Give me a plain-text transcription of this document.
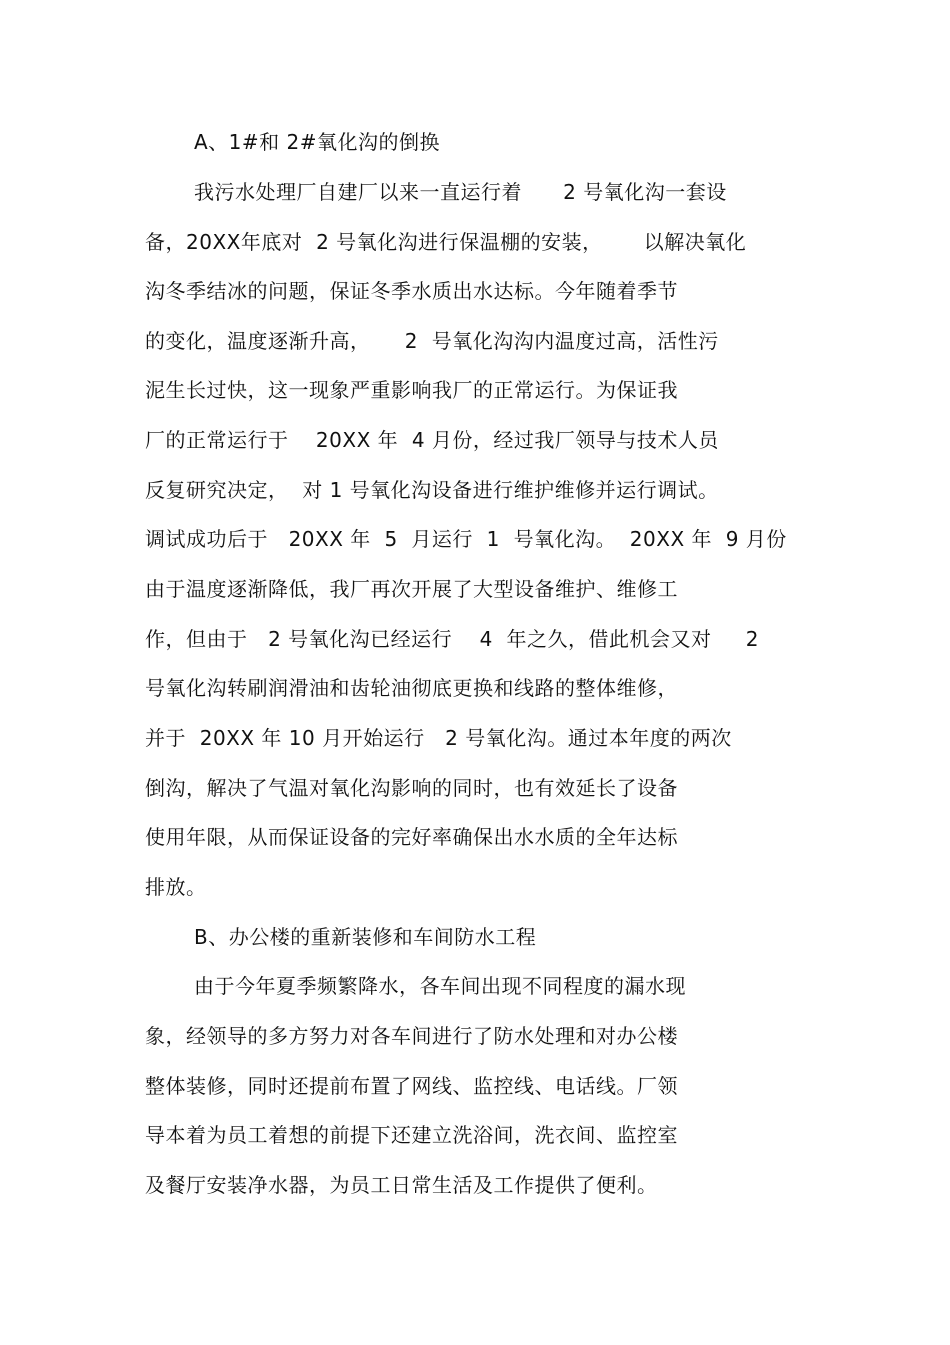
A、1#和 2#氧化沟的倒换
我污水处理厂自建厂以来一直运行着      2 号氧化沟一套设
备，20XX年底对  2 号氧化沟进行保温棚的安装，      以解决氧化
沟冬季结冰的问题，保证冬季水质出水达标。今年随着季节
的变化，温度逐渐升高，     2  号氧化沟沟内温度过高，活性污
泥生长过快，这一现象严重影响我厂的正常运行。为保证我
厂的正常运行于    20XX 年  4 月份，经过我厂领导与技术人员
反复研究决定，  对 1 号氧化沟设备进行维护维修并运行调试。
调试成功后于   20XX 年  5  月运行  1  号氧化沟。  20XX 年  9 月份
由于温度逐渐降低，我厂再次开展了大型设备维护、维修工
作，但由于   2 号氧化沟已经运行    4  年之久，借此机会又对     2
号氧化沟转刷润滑油和齿轮油彻底更换和线路的整体维修，
并于  20XX 年 10 月开始运行   2 号氧化沟。通过本年度的两次
倒沟，解决了气温对氧化沟影响的同时，也有效延长了设备
使用年限，从而保证设备的完好率确保出水水质的全年达标
排放。
B、办公楼的重新装修和车间防水工程
由于今年夏季频繁降水，各车间出现不同程度的漏水现
象，经领导的多方努力对各车间进行了防水处理和对办公楼
整体装修，同时还提前布置了网线、监控线、电话线。厂领
导本着为员工着想的前提下还建立洗浴间，洗衣间、监控室
及餐厅安装净水器，为员工日常生活及工作提供了便利。
